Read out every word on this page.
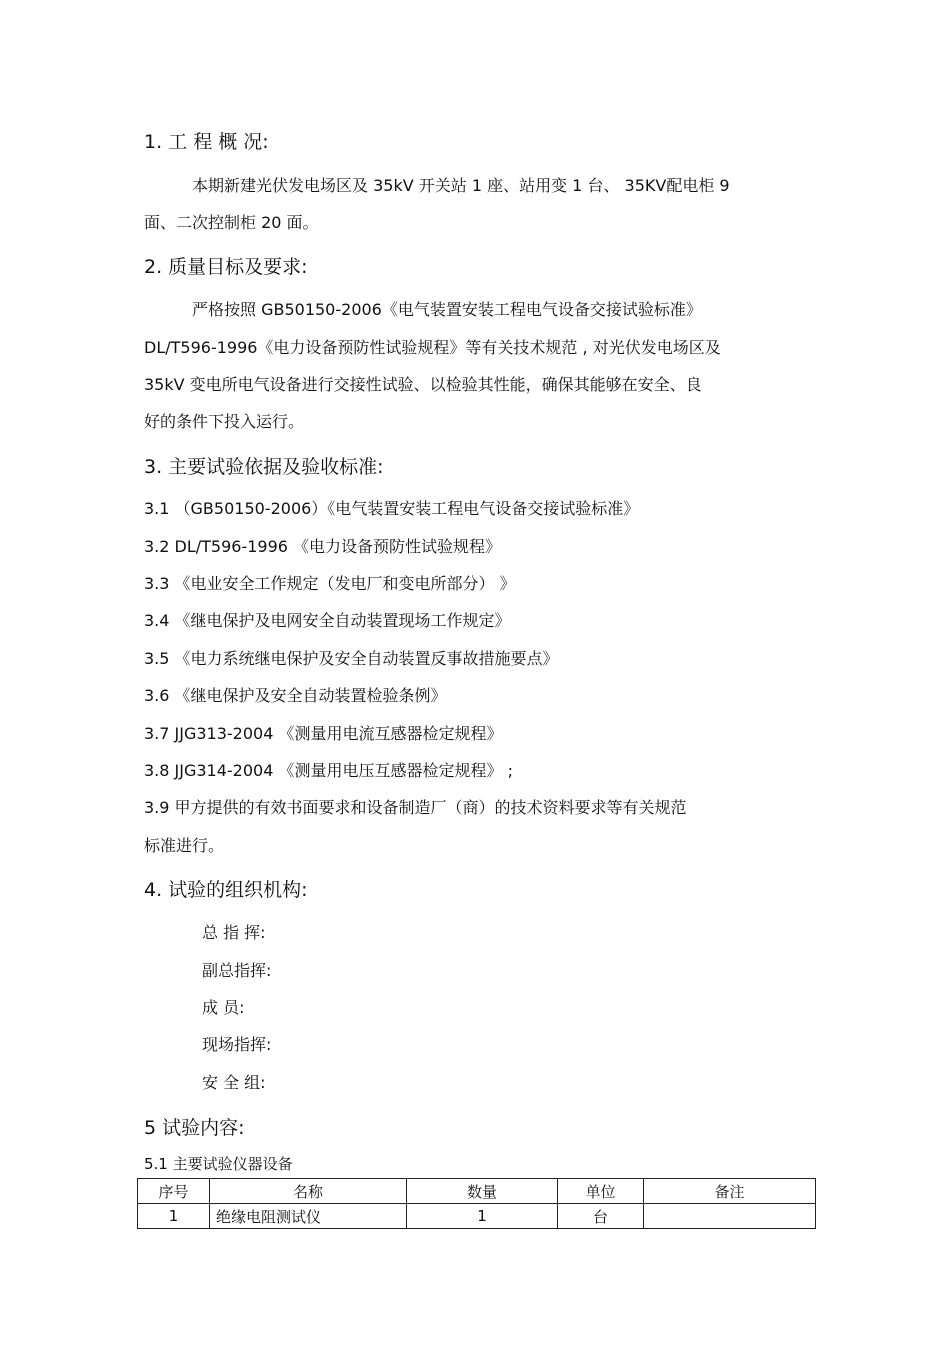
1. 工 程 概 况:
本期新建光伏发电场区及 35kV 开关站 1 座、站用变 1 台、 35KV配电柜 9
面、二次控制柜 20 面。
2. 质量目标及要求:
严格按照 GB50150-2006《电气装置安装工程电气设备交接试验标准》
DL/T596-1996《电力设备预防性试验规程》等有关技术规范 , 对光伏发电场区及
35kV 变电所电气设备进行交接性试验、以检验其性能，确保其能够在安全、良
好的条件下投入运行。
3. 主要试验依据及验收标准:
3.1 （GB50150-2006）《电气装置安装工程电气设备交接试验标准》
3.2 DL/T596-1996 《电力设备预防性试验规程》
3.3 《电业安全工作规定（发电厂和变电所部分） 》
3.4 《继电保护及电网安全自动装置现场工作规定》
3.5 《电力系统继电保护及安全自动装置反事故措施要点》
3.6 《继电保护及安全自动装置检验条例》
3.7 JJG313-2004 《测量用电流互感器检定规程》
3.8 JJG314-2004 《测量用电压互感器检定规程》 ;
3.9 甲方提供的有效书面要求和设备制造厂（商）的技术资料要求等有关规范
标准进行。
4. 试验的组织机构:
总 指 挥:
副总指挥:
成 员:
现场指挥:
安 全 组:
5 试验内容:
5.1 主要试验仪器设备
序号	名称	数量	单位	备注
1	绝缘电阻测试仪	1	台	
